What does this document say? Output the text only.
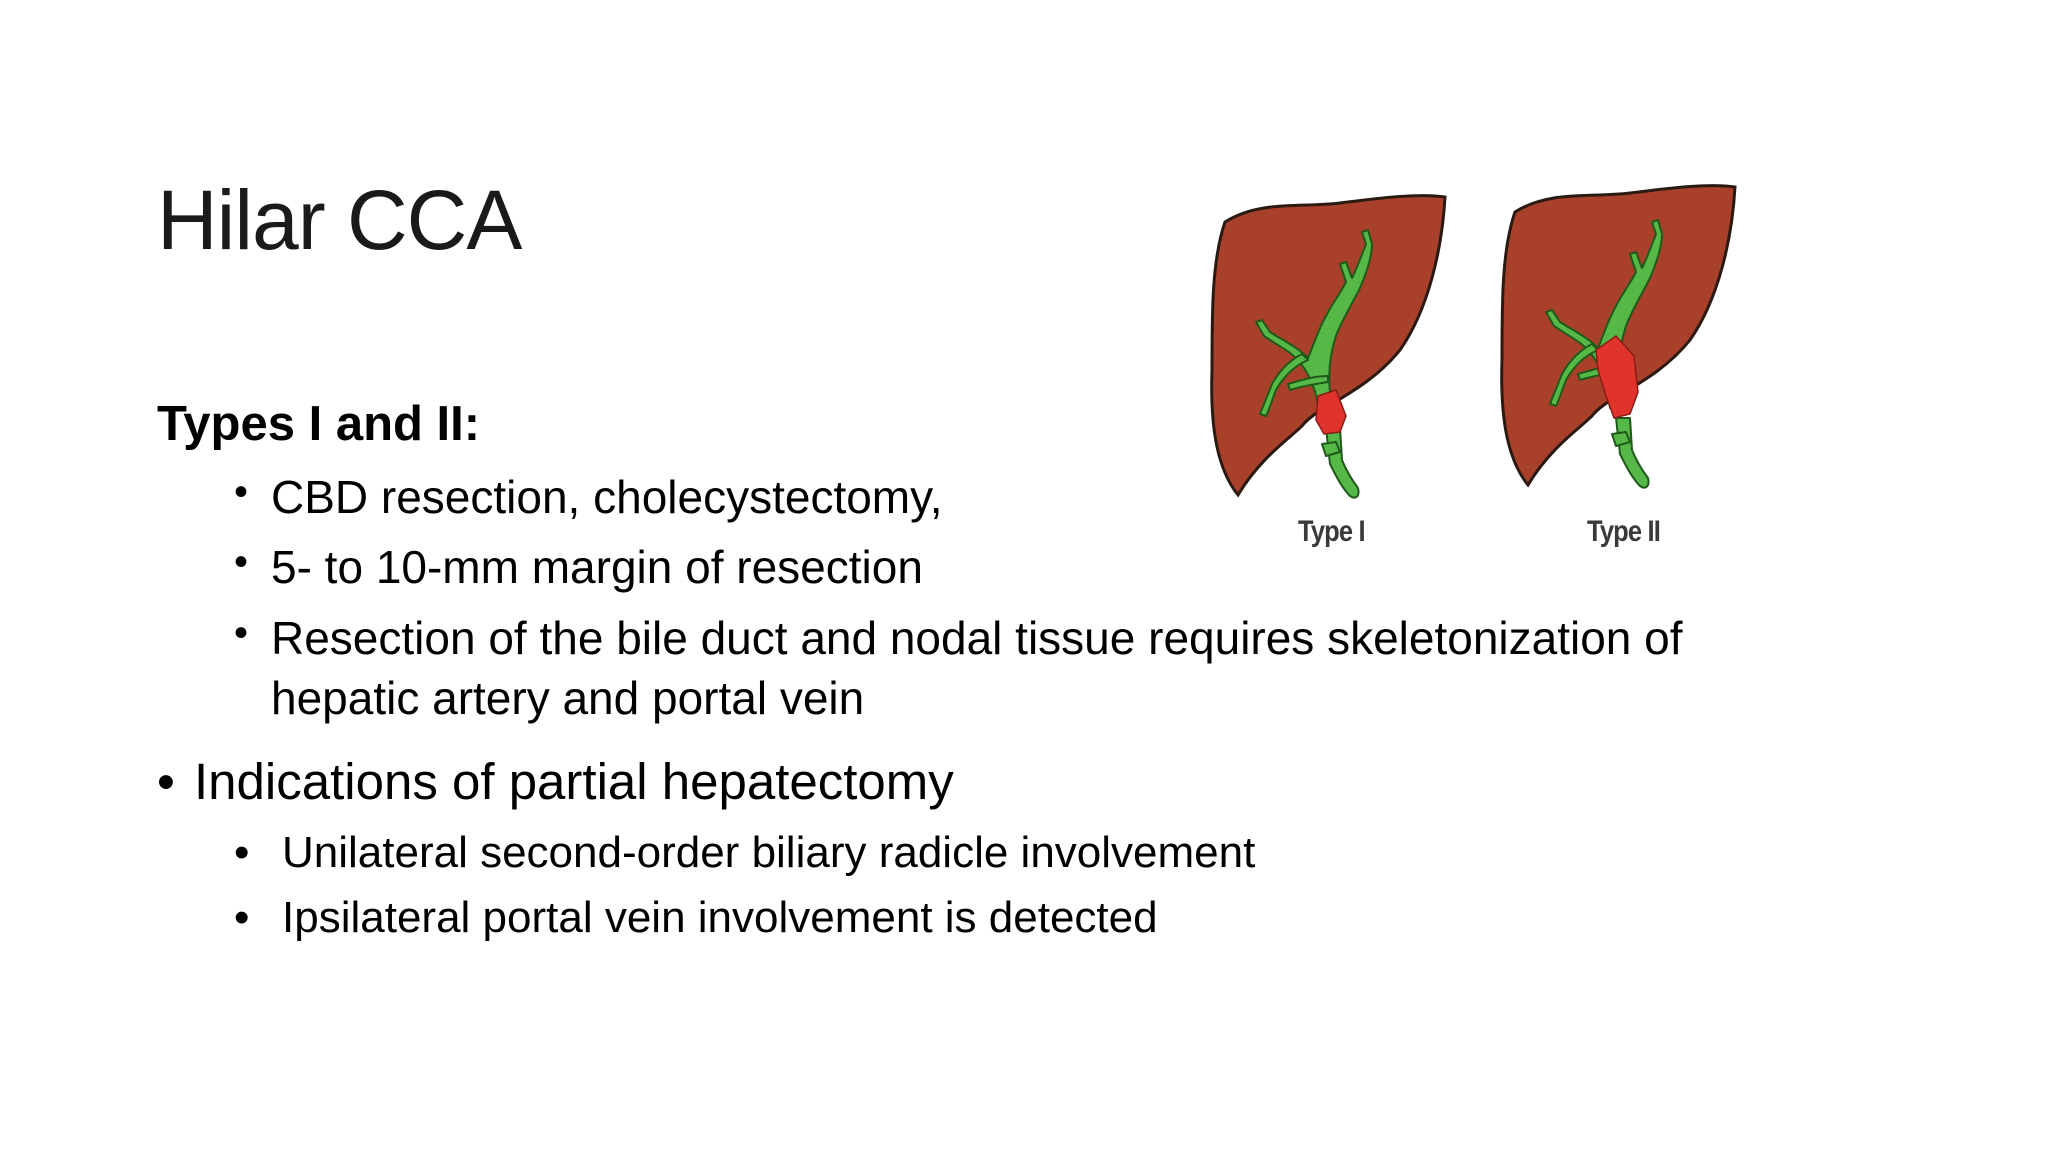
Hilar CCA
Types I and II:
• CBD resection, cholecystectomy,
• 5- to 10-mm margin of resection
• Resection of the bile duct and nodal tissue requires skeletonization of
hepatic artery and portal vein
• Indications of partial hepatectomy
• Unilateral second-order biliary radicle involvement
• Ipsilateral portal vein involvement is detected
Type I	Type II
